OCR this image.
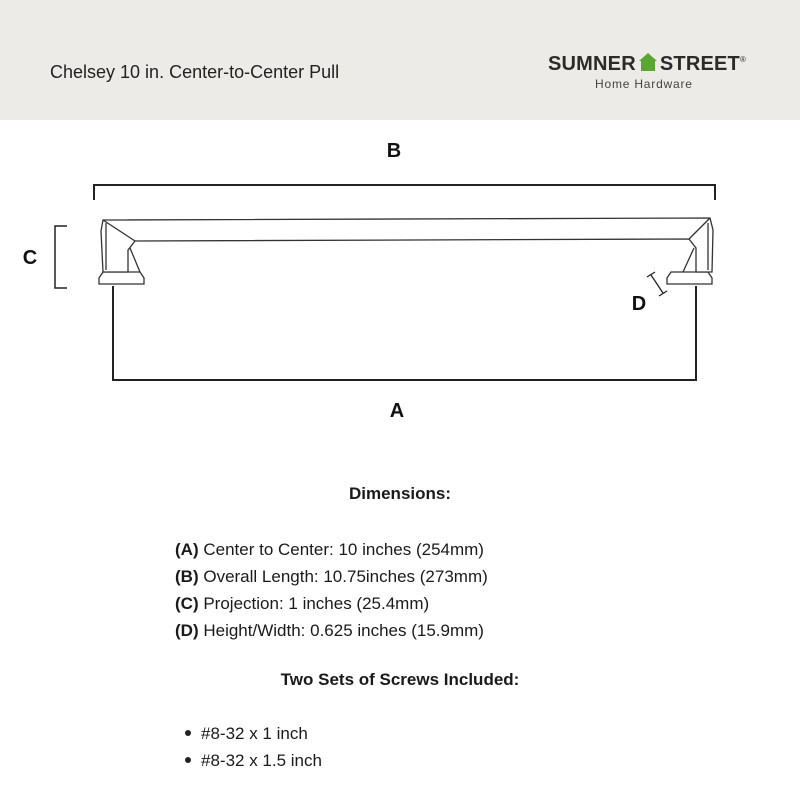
Chelsey 10 in. Center-to-Center Pull	SUMNER STREET®
Home Hardware
B
C
A
D
Dimensions:
(A) Center to Center: 10 inches (254mm)
(B) Overall Length: 10.75inches (273mm)
(C) Projection: 1 inches (25.4mm)
(D) Height/Width: 0.625 inches (15.9mm)
Two Sets of Screws Included:
#8-32 x 1 inch
#8-32 x 1.5 inch
